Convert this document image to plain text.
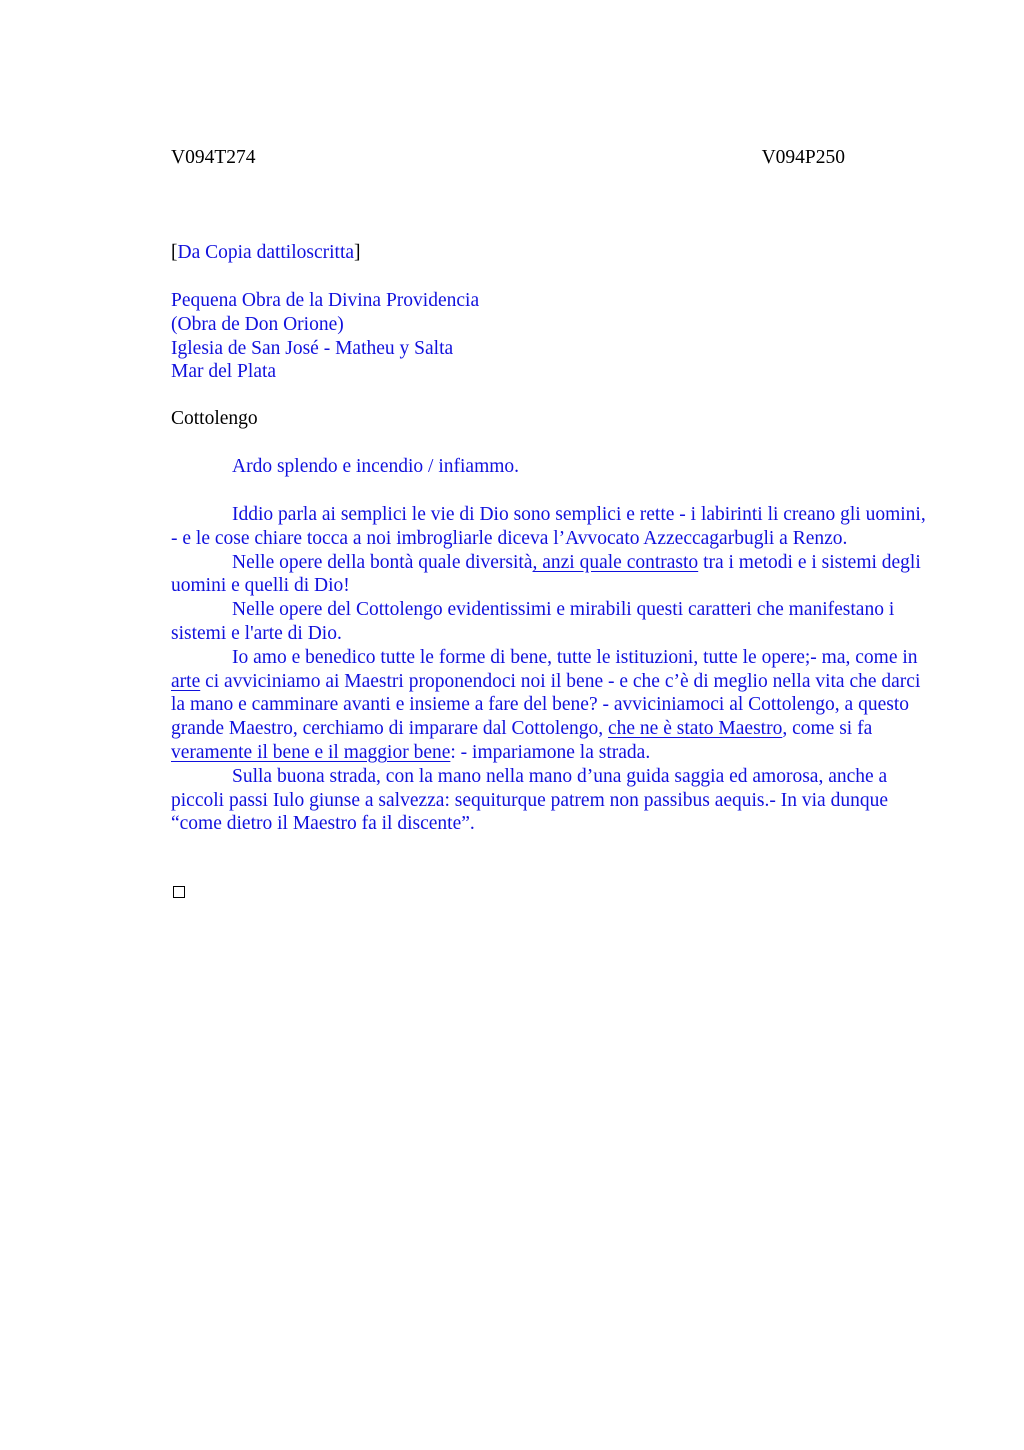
V094T274	V094P250
[Da Copia dattiloscritta]

Pequena Obra de la Divina Providencia

(Obra de Don Orione)

Iglesia de San José - Matheu y Salta

Mar del Plata

Cottolengo
Ardo splendo e incendio / infiammo.

Iddio parla ai semplici le vie di Dio sono semplici e rette - i labirinti li creano gli uomini, - e le cose chiare tocca a noi imbrogliarle diceva l’Avvocato Azzeccagarbugli a Renzo.

Nelle opere della bontà quale diversità, anzi quale contrasto tra i metodi e i sistemi degli uomini e quelli di Dio!

Nelle opere del Cottolengo evidentissimi e mirabili questi caratteri che manifestano i sistemi e l'arte di Dio.

Io amo e benedico tutte le forme di bene, tutte le istituzioni, tutte le opere;- ma, come in arte ci avviciniamo ai Maestri proponendoci noi il bene - e che c’è di meglio nella vita che darci la mano e camminare avanti e insieme a fare del bene? - avviciniamoci al Cottolengo, a questo grande Maestro, cerchiamo di imparare dal Cottolengo, che ne è stato Maestro, come si fa veramente il bene e il maggior bene: - impariamone la strada.

Sulla buona strada, con la mano nella mano d’una guida saggia ed amorosa, anche a piccoli passi Iulo giunse a salvezza: sequiturque patrem non passibus aequis.- In via dunque “come dietro il Maestro fa il discente”.
